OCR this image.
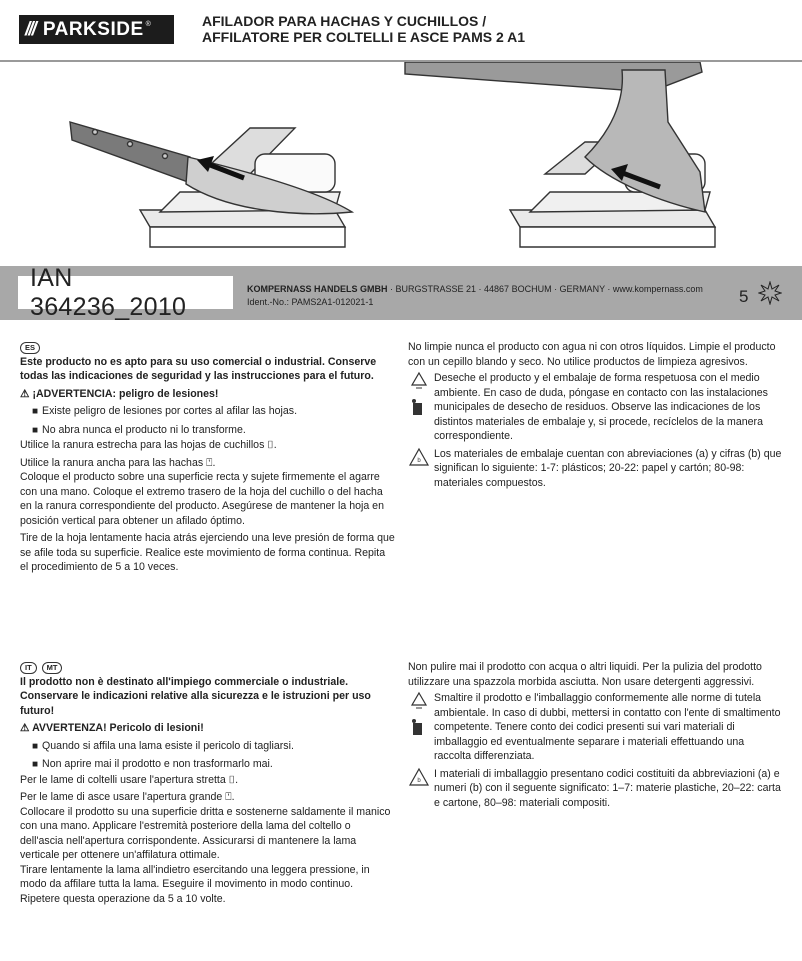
/// PARKSIDE ®	AFILADOR PARA HACHAS Y CUCHILLOS /
AFFILATORE PER COLTELLI E ASCE PAMS 2 A1
IAN 364236_2010
KOMPERNASS HANDELS GMBH · BURGSTRASSE 21 · 44867 BOCHUM · GERMANY · www.kompernass.com
Ident.-No.: PAMS2A1-012021-1	5

ES

Este producto no es apto para su uso comercial o industrial. Conserve todas las indicaciones de seguridad y las instrucciones para el futuro.

⚠ ¡ADVERTENCIA: peligro de lesiones!

■ Existe peligro de lesiones por cortes al afilar las hojas.

■ No abra nunca el producto ni lo transforme.

Utilice la ranura estrecha para las hojas de cuchillos ⌷.

Utilice la ranura ancha para las hachas ⍞.

Coloque el producto sobre una superficie recta y sujete firmemente el agarre con una mano. Coloque el extremo trasero de la hoja del cuchillo o del hacha en la ranura correspondiente del producto. Asegúrese de mantener la hoja en posición vertical para obtener un afilado óptimo.

Tire de la hoja lentamente hacia atrás ejerciendo una leve presión de forma que se afile toda su superficie. Realice este movimiento de forma continua. Repita el procedimiento de 5 a 10 veces.

No limpie nunca el producto con agua ni con otros líquidos. Limpie el producto con un cepillo blando y seco. No utilice productos de limpieza agresivos.

Deseche el producto y el embalaje de forma respetuosa con el medio ambiente. En caso de duda, póngase en contacto con las instalaciones municipales de desecho de residuos. Observe las indicaciones de los distintos materiales de embalaje y, si procede, recíclelos de la manera correspondiente.

b

Los materiales de embalaje cuentan con abreviaciones (a) y cifras (b) que significan lo siguiente: 1-7: plásticos; 20-22: papel y cartón; 80-98: materiales compuestos.

IT MT

Il prodotto non è destinato all'impiego commerciale o industriale. Conservare le indicazioni relative alla sicurezza e le istruzioni per uso futuro!

⚠ AVVERTENZA! Pericolo di lesioni!

■ Quando si affila una lama esiste il pericolo di tagliarsi.

■ Non aprire mai il prodotto e non trasformarlo mai.

Per le lame di coltelli usare l'apertura stretta ⌷.

Per le lame di asce usare l'apertura grande ⍞.

Collocare il prodotto su una superficie dritta e sostenerne saldamente il manico con una mano. Applicare l'estremità posteriore della lama del coltello o dell'ascia nell'apertura corrispondente. Assicurarsi di mantenere la lama verticale per ottenere un'affilatura ottimale.

Tirare lentamente la lama all'indietro esercitando una leggera pressione, in modo da affilare tutta la lama. Eseguire il movimento in modo continuo. Ripetere questa operazione da 5 a 10 volte.

Non pulire mai il prodotto con acqua o altri liquidi. Per la pulizia del prodotto utilizzare una spazzola morbida asciutta. Non usare detergenti aggressivi.

Smaltire il prodotto e l'imballaggio conformemente alle norme di tutela ambientale. In caso di dubbi, mettersi in contatto con l'ente di smaltimento competente. Tenere conto dei codici presenti sui vari materiali di imballaggio ed eventualmente separare i materiali effettuando una raccolta differenziata.

b

I materiali di imballaggio presentano codici costituiti da abbreviazioni (a) e numeri (b) con il seguente significato: 1–7: materie plastiche, 20–22: carta e cartone, 80–98: materiali compositi.
